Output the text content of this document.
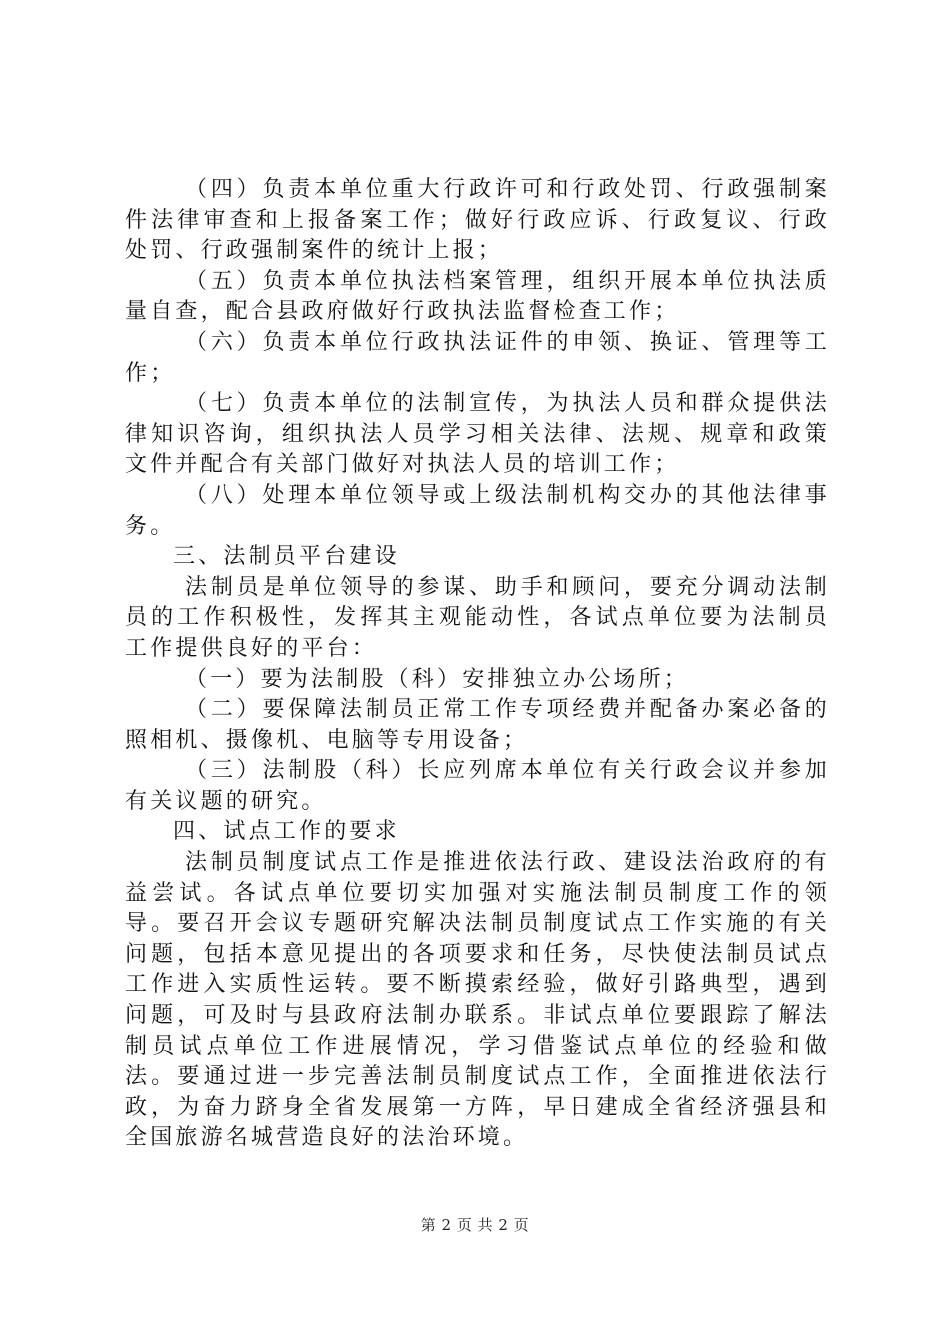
（四）负责本单位重大行政许可和行政处罚、行政强制案件法律审查和上报备案工作；做好行政应诉、行政复议、行政处罚、行政强制案件的统计上报；

（五）负责本单位执法档案管理，组织开展本单位执法质量自查，配合县政府做好行政执法监督检查工作；

（六）负责本单位行政执法证件的申领、换证、管理等工作；

（七）负责本单位的法制宣传，为执法人员和群众提供法律知识咨询，组织执法人员学习相关法律、法规、规章和政策文件并配合有关部门做好对执法人员的培训工作；

（八）处理本单位领导或上级法制机构交办的其他法律事务。

三、法制员平台建设

法制员是单位领导的参谋、助手和顾问，要充分调动法制员的工作积极性，发挥其主观能动性，各试点单位要为法制员工作提供良好的平台：

（一）要为法制股（科）安排独立办公场所；

（二）要保障法制员正常工作专项经费并配备办案必备的照相机、摄像机、电脑等专用设备；

（三）法制股（科）长应列席本单位有关行政会议并参加有关议题的研究。

四、试点工作的要求

法制员制度试点工作是推进依法行政、建设法治政府的有益尝试。各试点单位要切实加强对实施法制员制度工作的领导。要召开会议专题研究解决法制员制度试点工作实施的有关问题，包括本意见提出的各项要求和任务，尽快使法制员试点工作进入实质性运转。要不断摸索经验，做好引路典型，遇到问题，可及时与县政府法制办联系。非试点单位要跟踪了解法制员试点单位工作进展情况，学习借鉴试点单位的经验和做法。要通过进一步完善法制员制度试点工作，全面推进依法行政，为奋力跻身全省发展第一方阵，早日建成全省经济强县和全国旅游名城营造良好的法治环境。

第 2 页 共 2 页
